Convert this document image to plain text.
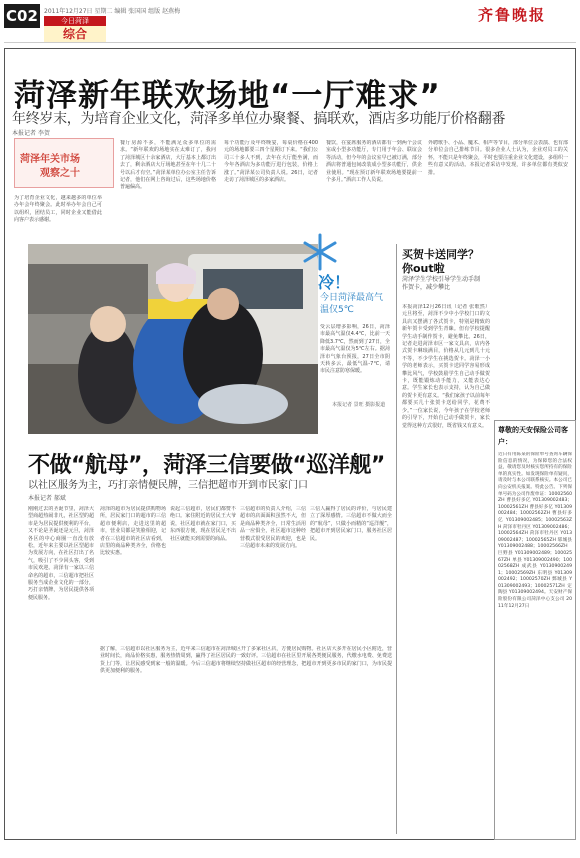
C02	2011年12月27日 星期二 编辑 张国国 组版 赵燕梅
今日菏泽
综合
齐鲁晚报
菏泽新年联欢场地“一厅难求”
年终岁末，为培育企业文化，菏泽多单位办聚餐、搞联欢，酒店多功能厅价格翻番
本报记者 李贺
菏泽年关市场
观察之十
为了培育企业文化，越来越多的单位举办年会年终聚会。此时举办年会自己可以组织，团结员工，同时企业又能借此向客户表示感谢。
餐厅房源不多，不能满足众多单位的需求。“新年联欢的场地实在太难订了，我问了菏泽城区十余家酒店，大厅基本上都订出去了，剩余酒店大厅场地甚至在年十几二十号以后才有空。”菏泽某单位办公室主任告诉记者，他们在网上咨询过后，这些场地价格普遍偏高。
每个功能厅及年终晚宴，每桌价格在400元的场地都要三四个星期订下来。“我们公司三十多人不到，去年在大厅能坐满，而今年各酒店为多功能厅进行包装，价格上涨了。”菏泽某公司负责人说。26日，记者走访了菏泽城区的多家酒店。
餐饮，在宴席服务的酒店都有一到两个会议室或小型多功能厅，专门用于年会、联谊会等活动，但今年的会议室早已被订满，部分酒店将普通包间改装成小型多功能厅，供企业使用。“现在预订新年联欢场地要提前一个多月。”酒店工作人员说。
外聘歌手、小品、魔术、相声等节目，部分单位会表演、也有部分单位会自己排练节目。很多企业人士认为，企业对员工的关怀，不能只是年终聚会，平时也要注重企业文化建设，多组织一些有意义的活动。本报记者采访中发现，许多单位都有类似安排。
冷！
今日菏泽最高气温仅5℃
受云层增多影响，26日，菏泽市最高气温仅4.4℃，比前一天降低3.7℃，然而到了27日，全市最高气温仅为5℃左右。据菏泽市气象台预报，27日全市阴天转多云，最低气温-7℃，请市民注意防寒保暖。
本报记者 景旺 摄影报道
不做“航母”，菏泽三信要做“巡洋舰”
以社区服务为主，巧打亲情便民牌，三信把超市开到市民家门口
本报记者 郝斌
刚刚过去的圣诞节里，菏泽大型商超热闹非凡，社区型的超市是为居民提供便利的平台，又不论是圣诞还是元旦，菏泽各区的中心商圈一直没有放松，近年来主要以社区型超市为发展方向，在社区打出了名气，吸引了不少回头客，受到市民欢迎。菏泽有一家以三信命名的超市，三信超市把社区服务当成企业文化的一部分，巧打亲情牌，为居民提供各项便民服务。
菏泽的超市为居民提供购物场所，居民家门口的超市的三信超市便利店，走进这里的超市，营业员都是笑脸相迎，记者在三信超市的社区店看到，店里的商品种类齐全，价格也比较实惠。
说起三信超市，居民们都赞不绝口。家住附近的居民王大爷说，社区超市就在家门口，买东西很方便，现在居民足不出社区就能买到需要的商品。
三信超市的负责人介绍，三信超市的店面面积虽然不大，但是商品种类齐全，日常生活用品一应俱全，社区超市这种经营模式很受居民的欢迎，也是三信超市未来的发展方向。
三信人赢得了居民的评价，与居民建立了深厚感情。三信超市不做大而全的“航母”，只做小而精的“巡洋舰”，把超市开到居民家门口，服务社区居民。
据了解，三信超市以社区服务为主，近年来三信超市在菏泽城区开了多家社区店，方便居民购物。社区店大多开在居民小区附近，营业时间长，商品价格实惠，服务热情周到，赢得了社区居民的一致好评。三信超市在社区里开展各类便民服务，代缴水电费、免费送货上门等，让居民感受到家一般的温暖。今后三信超市将继续坚持做社区超市的经营理念，把超市开到更多市民的家门口，为市民提供更加便利的服务。
买贺卡送同学？你out啦
菏泽学生学校引导学生动手制作贺卡，减少攀比
本报菏泽12月26日讯（记者 张歌然）元旦将至，菏泽不少中小学校门口的文具店又摆满了各式贺卡，特别是精致的新年贺卡受到学生青睐。但有学校提醒学生动手制作贺卡，避免攀比。26日，记者走进菏泽市区一家文具店，店内各式贺卡琳琅满目，价格从几元到几十元不等，不少学生在挑选贺卡。菏泽一小学的老师表示，买贺卡送同学容易形成攀比风气，学校鼓励学生自己动手做贺卡，既能锻炼动手能力，又能表达心意。学生家长也表示支持，认为自己做的贺卡更有意义。“我们家孩子以前每年都要买几十张贺卡送给同学，花费不少。”一位家长说，今年孩子在学校老师的引导下，开始自己动手做贺卡，家长觉得这种方式很好，既省钱又有意义。
尊敬的天安保险公司客户：
近日有用陈某的保险单号查询车辆保险信息的情况，为保障您的合法权益，敬请您及时核实您所持有的保险单的真实性。如发现保险单有疑问，请及时与本公司联系核实。本公司已向公安机关报案。特此公告。下列保单号码为公司作废单证：10002560ZH 曹县好多亿 Y01309002483；10002561ZH 曹县好多亿 Y01309002484；10002562ZH 曹县好多亿 Y01309002485；10002563ZH 菏泽市牡丹区 Y01309002486；10002564ZH 菏泽市牡丹区 Y01309002487；10002565ZH 郓城县 Y01309002488；10002566ZH 巨野县 Y01309002489；10002567ZH 单县 Y01309002490；10002568ZH 成武县 Y01309002491；10002569ZH 东明县 Y01309002492；10002570ZH 鄄城县 Y01309002493；10002571ZH 定陶县 Y01309002494。天安财产保险股份有限公司菏泽中心支公司 2011年12月27日
